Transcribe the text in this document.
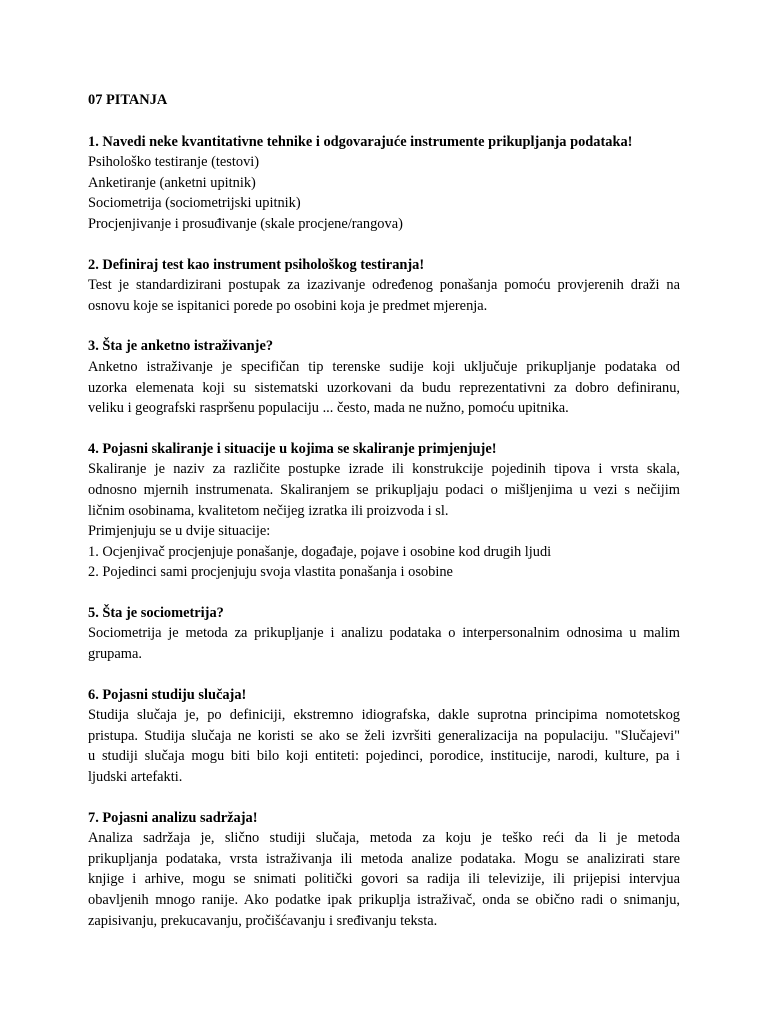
07 PITANJA
1. Navedi neke kvantitativne tehnike i odgovarajuće instrumente prikupljanja podataka!
Psihološko testiranje (testovi)
Anketiranje (anketni upitnik)
Sociometrija (sociometrijski upitnik)
Procjenjivanje i prosuđivanje (skale procjene/rangova)
2. Definiraj test kao instrument psihološkog testiranja!
Test je standardizirani postupak za izazivanje određenog ponašanja pomoću provjerenih draži na
osnovu koje se ispitanici porede po osobini koja je predmet mjerenja.
3. Šta je anketno istraživanje?
Anketno istraživanje je specifičan tip terenske sudije koji uključuje prikupljanje podataka od
uzorka elemenata koji su sistematski uzorkovani da budu reprezentativni za dobro definiranu,
veliku i geografski raspršenu populaciju ... često, mada ne nužno, pomoću upitnika.
4. Pojasni skaliranje i situacije u kojima se skaliranje primjenjuje!
Skaliranje je naziv za različite postupke izrade ili konstrukcije pojedinih tipova i vrsta skala,
odnosno mjernih instrumenata. Skaliranjem se prikupljaju podaci o mišljenjima u vezi s nečijim
ličnim osobinama, kvalitetom nečijeg izratka ili proizvoda i sl.
Primjenjuju se u dvije situacije:
1. Ocjenjivač procjenjuje ponašanje, događaje, pojave i osobine kod drugih ljudi
2. Pojedinci sami procjenjuju svoja vlastita ponašanja i osobine
5. Šta je sociometrija?
Sociometrija je metoda za prikupljanje i analizu podataka o interpersonalnim odnosima u malim
grupama.
6. Pojasni studiju slučaja!
Studija slučaja je, po definiciji, ekstremno idiografska, dakle suprotna principima nomotetskog
pristupa. Studija slučaja ne koristi se ako se želi izvršiti generalizacija na populaciju. "Slučajevi"
u studiji slučaja mogu biti bilo koji entiteti: pojedinci, porodice, institucije, narodi, kulture, pa i
ljudski artefakti.
7. Pojasni analizu sadržaja!
Analiza sadržaja je, slično studiji slučaja, metoda za koju je teško reći da li je metoda
prikupljanja podataka, vrsta istraživanja ili metoda analize podataka. Mogu se analizirati stare
knjige i arhive, mogu se snimati politički govori sa radija ili televizije, ili prijepisi intervjua
obavljenih mnogo ranije. Ako podatke ipak prikuplja istraživač, onda se obično radi o snimanju,
zapisivanju, prekucavanju, pročišćavanju i sređivanju teksta.
